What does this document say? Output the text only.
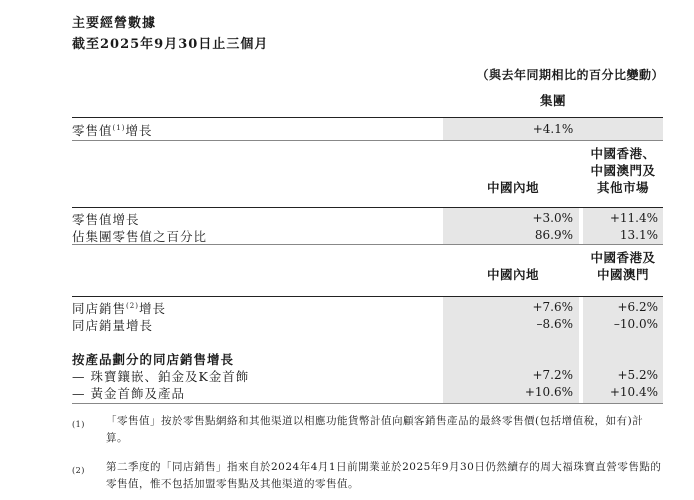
主要經營數據
截至2025年9月30日止三個月
（與去年同期相比的百分比變動）
集團
零售值$^{(1)}$增長	+4.1%
中國內地
中國香港、
中國澳門及
其他市場
零售值增長	+3.0%	+11.4%
佔集團零售值之百分比	86.9%	13.1%
中國內地
中國香港及
中國澳門
同店銷售$^{(2)}$增長	+7.6%	+6.2%
同店銷量增長	–8.6%	–10.0%
按產品劃分的同店銷售增長
— 珠寶鑲嵌、鉑金及K金首飾	+7.2%	+5.2%
— 黃金首飾及產品	+10.6%	+10.4%
(1) 「零售值」按於零售點網絡和其他渠道以相應功能貨幣計值向顧客銷售產品的最終零售價(包括增值稅，如有)計算。
(2) 第二季度的「同店銷售」指來自於2024年4月1日前開業並於2025年9月30日仍然續存的周大福珠寶直營零售點的零售值，惟不包括加盟零售點及其他渠道的零售值。
